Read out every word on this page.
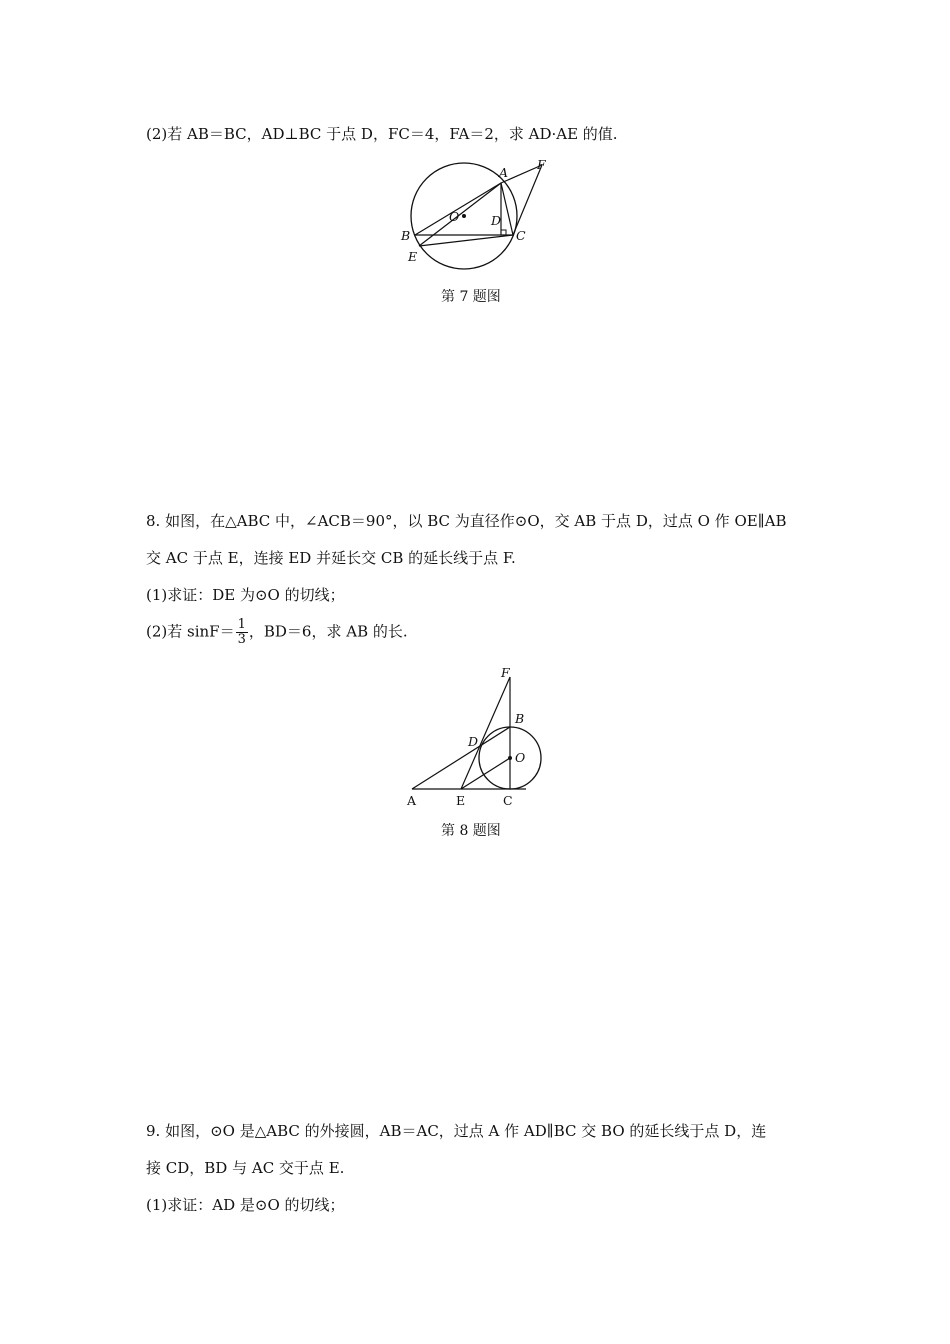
(2)若 AB＝BC，AD⊥BC 于点 D，FC＝4，FA＝2，求 AD·AE 的值.
A
F
O	D
B	C
E
第 7 题图
8. 如图，在△ABC 中，∠ACB＝90°，以 BC 为直径作⊙O，交 AB 于点 D，过点 O 作 OE∥AB
交 AC 于点 E，连接 ED 并延长交 CB 的延长线于点 F.
(1)求证：DE 为⊙O 的切线；
(2)若 $\sin F= \frac{1}{3}$ ，BD＝6，求 AB 的长.
F
B
D
O
A	E	C
第 8 题图
9. 如图，⊙O 是△ABC 的外接圆，AB＝AC，过点 A 作 AD∥BC 交 BO 的延长线于点 D，连
接 CD，BD 与 AC 交于点 E.
(1)求证：AD 是⊙O 的切线；
